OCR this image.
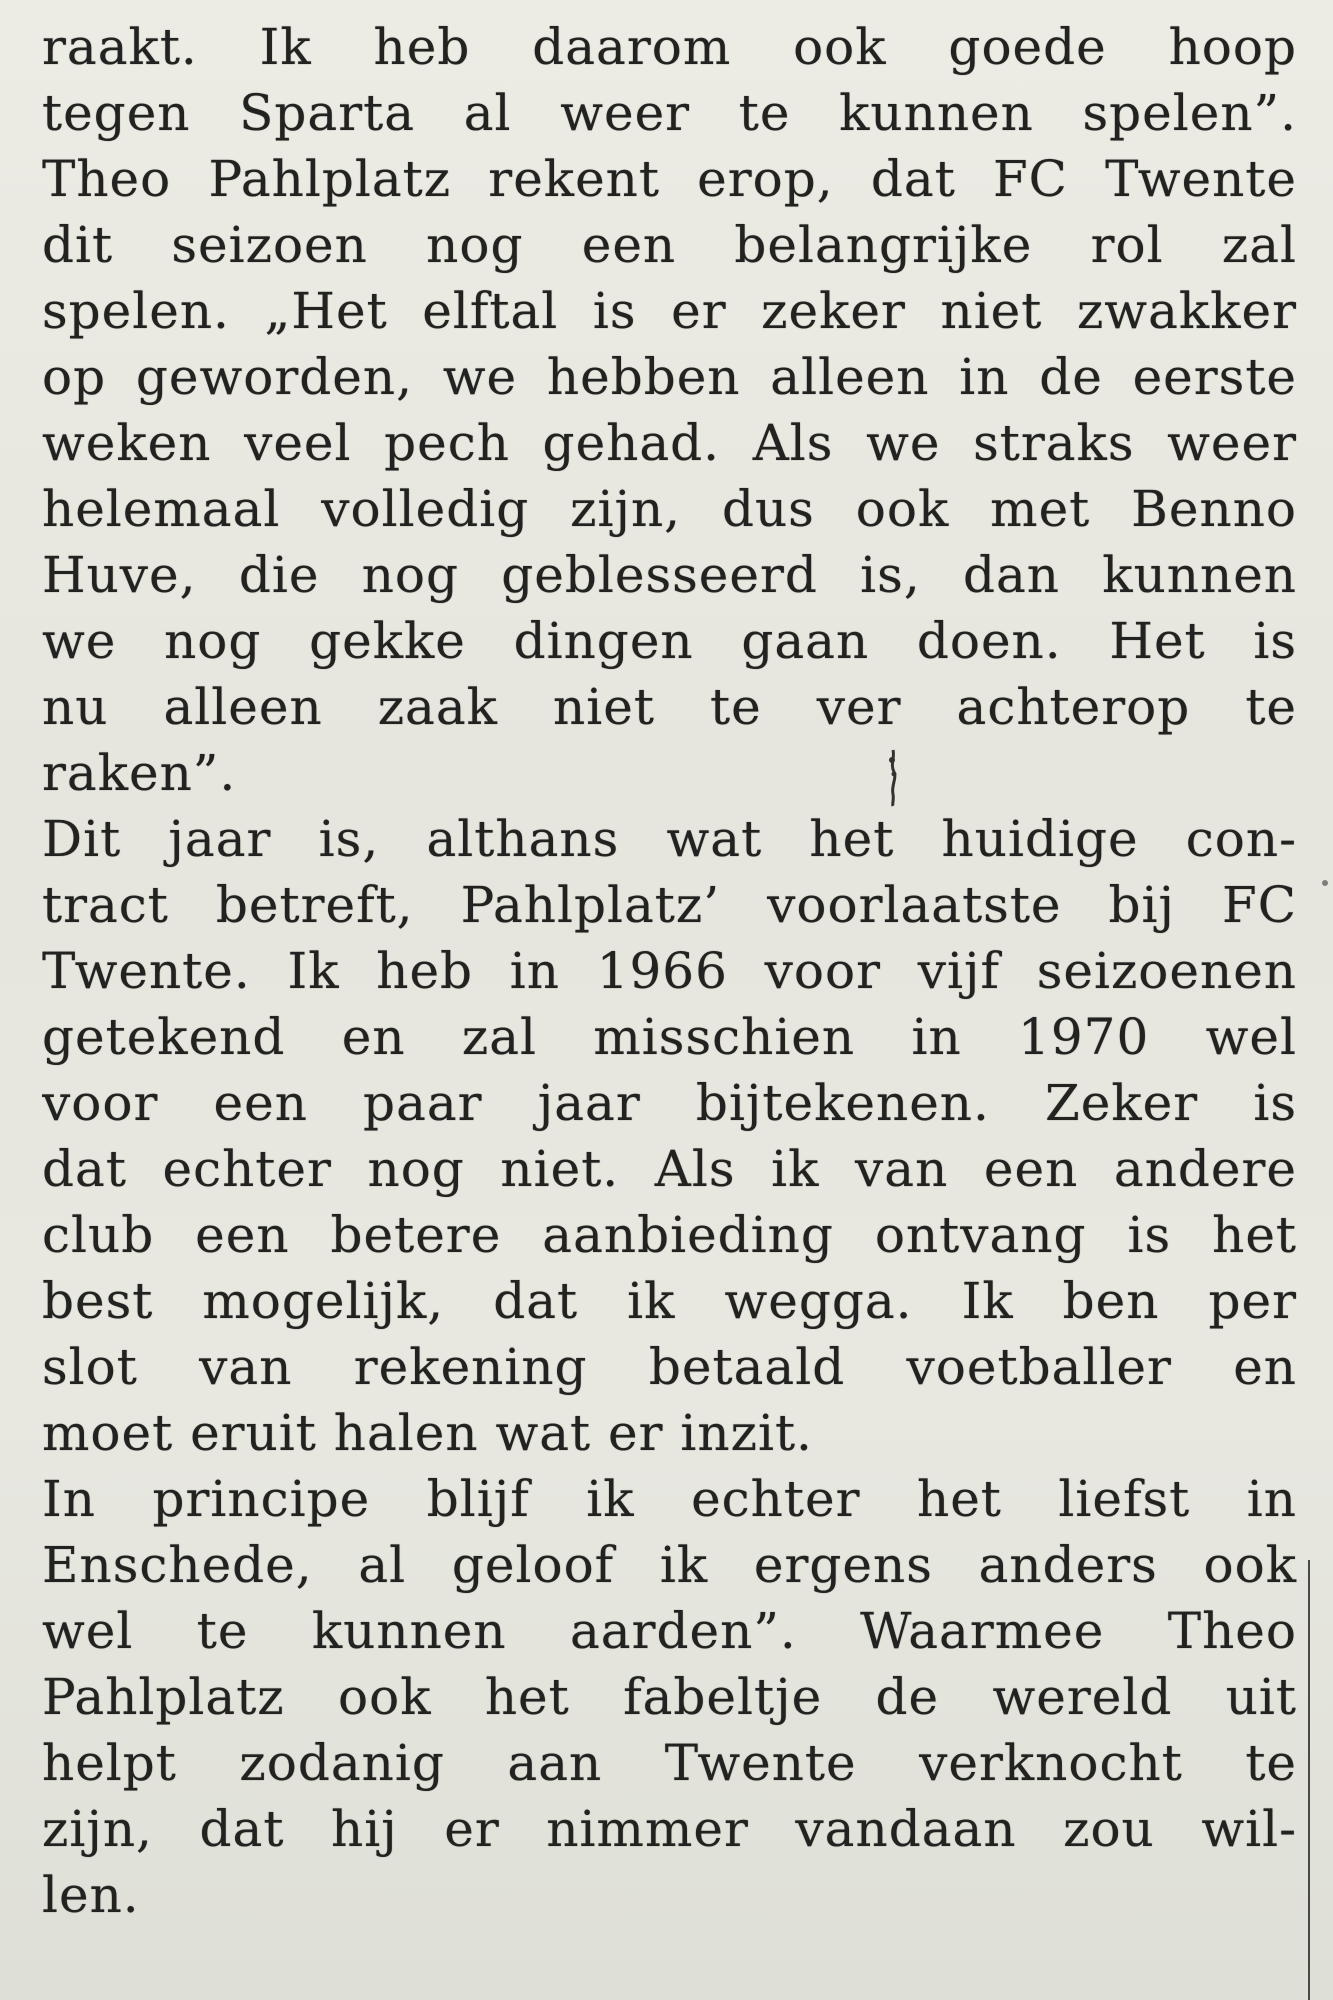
raakt. Ik heb daarom ook goede hoop
tegen Sparta al weer te kunnen spelen”.
Theo Pahlplatz rekent erop, dat FC Twente
dit seizoen nog een belangrijke rol zal
spelen. „Het elftal is er zeker niet zwakker
op geworden, we hebben alleen in de eerste
weken veel pech gehad. Als we straks weer
helemaal volledig zijn, dus ook met Benno
Huve, die nog geblesseerd is, dan kunnen
we nog gekke dingen gaan doen. Het is
nu alleen zaak niet te ver achterop te
raken”.
Dit jaar is, althans wat het huidige con-
tract betreft, Pahlplatz’ voorlaatste bij FC
Twente. Ik heb in 1966 voor vijf seizoenen
getekend en zal misschien in 1970 wel
voor een paar jaar bijtekenen. Zeker is
dat echter nog niet. Als ik van een andere
club een betere aanbieding ontvang is het
best mogelijk, dat ik wegga. Ik ben per
slot van rekening betaald voetballer en
moet eruit halen wat er inzit.
In principe blijf ik echter het liefst in
Enschede, al geloof ik ergens anders ook
wel te kunnen aarden”. Waarmee Theo
Pahlplatz ook het fabeltje de wereld uit
helpt zodanig aan Twente verknocht te
zijn, dat hij er nimmer vandaan zou wil-
len.
